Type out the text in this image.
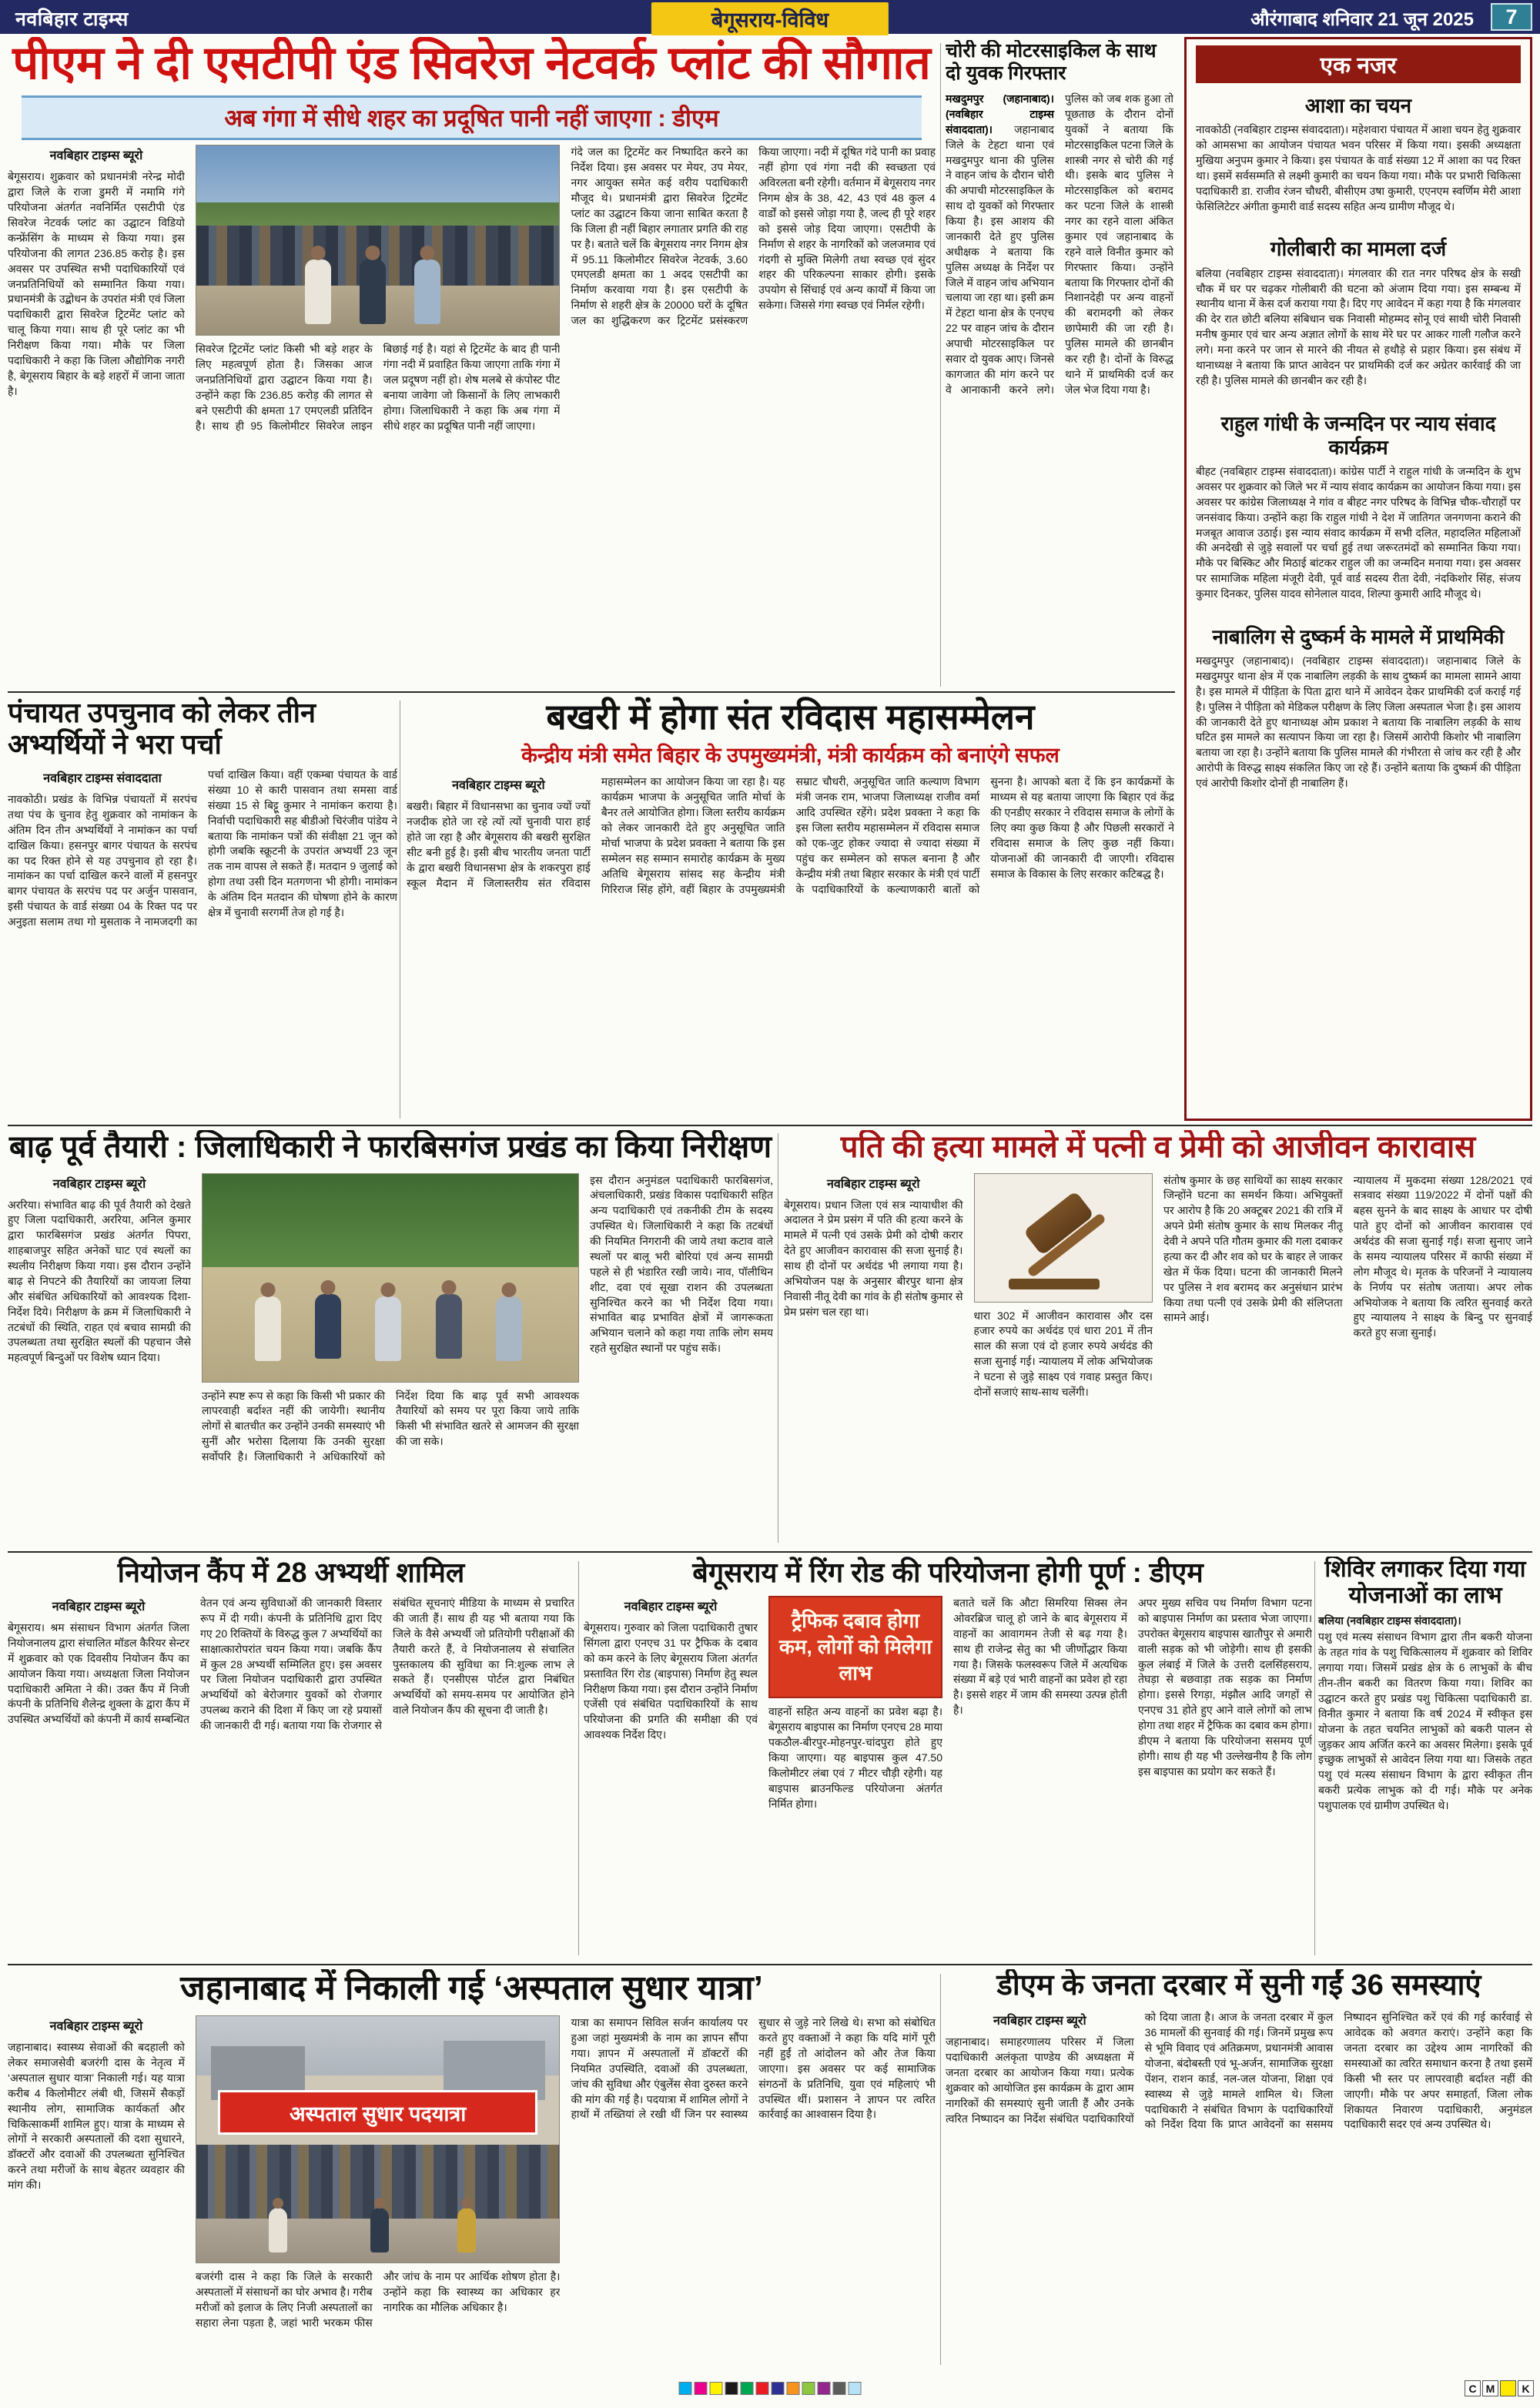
नवबिहार टाइम्स	बेगूसराय-विविध	औरंगाबाद शनिवार 21 जून 2025	7
पीएम ने दी एसटीपी एंड सिवरेज नेटवर्क प्लांट की सौगात
अब गंगा में सीधे शहर का प्रदूषित पानी नहीं जाएगा : डीएम
नवबिहार टाइम्स ब्यूरो

बेगूसराय। शुक्रवार को प्रधानमंत्री नरेन्द्र मोदी द्वारा जिले के राजा डुमरी में नमामि गंगे परियोजना अंतर्गत नवनिर्मित एसटीपी एंड सिवरेज नेटवर्क प्लांट का उद्घाटन विडियो कन्फ्रेंसिंग के माध्यम से किया गया। इस परियोजना की लागत 236.85 करोड़ है। इस अवसर पर उपस्थित सभी पदाधिकारियों एवं जनप्रतिनिधियों को सम्मानित किया गया। प्रधानमंत्री के उद्बोधन के उपरांत मंत्री एवं जिला पदाधिकारी द्वारा सिवरेज ट्रिटमेंट प्लांट को चालू किया गया। साथ ही पूरे प्लांट का भी निरीक्षण किया गया। मौके पर जिला पदाधिकारी ने कहा कि जिला औद्योगिक नगरी है, बेगूसराय बिहार के बड़े शहरों में जाना जाता है।

सिवरेज ट्रिटमेंट प्लांट किसी भी बड़े शहर के लिए महत्वपूर्ण होता है। जिसका आज जनप्रतिनिधियों द्वारा उद्घाटन किया गया है। उन्होंने कहा कि 236.85 करोड़ की लागत से बने एसटीपी की क्षमता 17 एमएलडी प्रतिदिन है। साथ ही 95 किलोमीटर सिवरेज लाइन बिछाई गई है। यहां से ट्रिटमेंट के बाद ही पानी गंगा नदी में प्रवाहित किया जाएगा ताकि गंगा में जल प्रदूषण नहीं हो। शेष मलबे से कंपोस्ट पीट बनाया जावेगा जो किसानों के लिए लाभकारी होगा। जिलाधिकारी ने कहा कि अब गंगा में सीधे शहर का प्रदूषित पानी नहीं जाएगा।

गंदे जल का ट्रिटमेंट कर निष्पादित करने का निर्देश दिया। इस अवसर पर मेयर, उप मेयर, नगर आयुक्त समेत कई वरीय पदाधिकारी मौजूद थे। प्रधानमंत्री द्वारा सिवरेज ट्रिटमेंट प्लांट का उद्घाटन किया जाना साबित करता है कि जिला ही नहीं बिहार लगातार प्रगति की राह पर है। बताते चलें कि बेगूसराय नगर निगम क्षेत्र में 95.11 किलोमीटर सिवरेज नेटवर्क, 3.60 एमएलडी क्षमता का 1 अदद एसटीपी का निर्माण करवाया गया है। इस एसटीपी के निर्माण से शहरी क्षेत्र के 20000 घरों के दूषित जल का शुद्धिकरण कर ट्रिटमेंट प्रसंस्करण किया जाएगा। नदी में दूषित गंदे पानी का प्रवाह नहीं होगा एवं गंगा नदी की स्वच्छता एवं अविरलता बनी रहेगी। वर्तमान में बेगूसराय नगर निगम क्षेत्र के 38, 42, 43 एवं 48 कुल 4 वार्डों को इससे जोड़ा गया है, जल्द ही पूरे शहर को इससे जोड़ दिया जाएगा। एसटीपी के निर्माण से शहर के नागरिकों को जलजमाव एवं गंदगी से मुक्ति मिलेगी तथा स्वच्छ एवं सुंदर शहर की परिकल्पना साकार होगी। इसके उपयोग से सिंचाई एवं अन्य कार्यों में किया जा सकेगा। जिससे गंगा स्वच्छ एवं निर्मल रहेगी।

चोरी की मोटरसाइकिल के साथ दो युवक गिरफ्तार
मखदुमपुर (जहानाबाद)। (नवबिहार टाइम्स संवाददाता)। जहानाबाद जिले के टेहटा थाना एवं मखदुमपुर थाना की पुलिस ने वाहन जांच के दौरान चोरी की अपाची मोटरसाइकिल के साथ दो युवकों को गिरफ्तार किया है। इस आशय की जानकारी देते हुए पुलिस अधीक्षक ने बताया कि पुलिस अध्यक्ष के निर्देश पर जिले में वाहन जांच अभियान चलाया जा रहा था। इसी क्रम में टेहटा थाना क्षेत्र के एनएच 22 पर वाहन जांच के दौरान अपाची मोटरसाइकिल पर सवार दो युवक आए। जिनसे कागजात की मांग करने पर वे आनाकानी करने लगे। पुलिस को जब शक हुआ तो पूछताछ के दौरान दोनों युवकों ने बताया कि मोटरसाइकिल पटना जिले के शास्त्री नगर से चोरी की गई थी। इसके बाद पुलिस ने मोटरसाइकिल को बरामद कर पटना जिले के शास्त्री नगर का रहने वाला अंकित कुमार एवं जहानाबाद के रहने वाले विनीत कुमार को गिरफ्तार किया। उन्होंने बताया कि गिरफ्तार दोनों की निशानदेही पर अन्य वाहनों की बरामदगी को लेकर छापेमारी की जा रही है। पुलिस मामले की छानबीन कर रही है। दोनों के विरुद्ध थाने में प्राथमिकी दर्ज कर जेल भेज दिया गया है।
एक नजर
आशा का चयन

नावकोठी (नवबिहार टाइम्स संवाददाता)। महेशवारा पंचायत में आशा चयन हेतु शुक्रवार को आमसभा का आयोजन पंचायत भवन परिसर में किया गया। इसकी अध्यक्षता मुखिया अनुपम कुमार ने किया। इस पंचायत के वार्ड संख्या 12 में आशा का पद रिक्त था। इसमें सर्वसम्मति से लक्ष्मी कुमारी का चयन किया गया। मौके पर प्रभारी चिकित्सा पदाधिकारी डा. राजीव रंजन चौधरी, बीसीएम उषा कुमारी, एएनएम स्वर्णिम मेरी आशा फेसिलिटेटर अंगीता कुमारी वार्ड सदस्य सहित अन्य ग्रामीण मौजूद थे।

गोलीबारी का मामला दर्ज

बलिया (नवबिहार टाइम्स संवाददाता)। मंगलवार की रात नगर परिषद क्षेत्र के सखी चौक में घर पर चढ़कर गोलीबारी की घटना को अंजाम दिया गया। इस सम्बन्ध में स्थानीय थाना में केस दर्ज कराया गया है। दिए गए आवेदन में कहा गया है कि मंगलवार की देर रात छोटी बलिया संबिधान चक निवासी मोहम्मद सोनू एवं साथी चोरी निवासी मनीष कुमार एवं चार अन्य अज्ञात लोगों के साथ मेरे घर पर आकर गाली गलौज करने लगे। मना करने पर जान से मारने की नीयत से हथौड़े से प्रहार किया। इस संबंध में थानाध्यक्ष ने बताया कि प्राप्त आवेदन पर प्राथमिकी दर्ज कर अग्रेतर कार्रवाई की जा रही है। पुलिस मामले की छानबीन कर रही है।

राहुल गांधी के जन्मदिन पर न्याय संवाद कार्यक्रम

बीहट (नवबिहार टाइम्स संवाददाता)। कांग्रेस पार्टी ने राहुल गांधी के जन्मदिन के शुभ अवसर पर शुक्रवार को जिले भर में न्याय संवाद कार्यक्रम का आयोजन किया गया। इस अवसर पर कांग्रेस जिलाध्यक्ष ने गांव व बीहट नगर परिषद के विभिन्न चौक-चौराहों पर जनसंवाद किया। उन्होंने कहा कि राहुल गांधी ने देश में जातिगत जनगणना कराने की मजबूत आवाज उठाई। इस न्याय संवाद कार्यक्रम में सभी दलित, महादलित महिलाओं की अनदेखी से जुड़े सवालों पर चर्चा हुई तथा जरूरतमंदों को सम्मानित किया गया। मौके पर बिस्किट और मिठाई बांटकर राहुल जी का जन्मदिन मनाया गया। इस अवसर पर सामाजिक महिला मंजूरी देवी, पूर्व वार्ड सदस्य रीता देवी, नंदकिशोर सिंह, संजय कुमार दिनकर, पुलिस यादव सोनेलाल यादव, शिल्पा कुमारी आदि मौजूद थे।

नाबालिग से दुष्कर्म के मामले में प्राथमिकी

मखदुमपुर (जहानाबाद)। (नवबिहार टाइम्स संवाददाता)। जहानाबाद जिले के मखदुमपुर थाना क्षेत्र में एक नाबालिग लड़की के साथ दुष्कर्म का मामला सामने आया है। इस मामले में पीड़िता के पिता द्वारा थाने में आवेदन देकर प्राथमिकी दर्ज कराई गई है। पुलिस ने पीड़िता को मेडिकल परीक्षण के लिए जिला अस्पताल भेजा है। इस आशय की जानकारी देते हुए थानाध्यक्ष ओम प्रकाश ने बताया कि नाबालिग लड़की के साथ घटित इस मामले का सत्यापन किया जा रहा है। जिसमें आरोपी किशोर भी नाबालिग बताया जा रहा है। उन्होंने बताया कि पुलिस मामले की गंभीरता से जांच कर रही है और आरोपी के विरुद्ध साक्ष्य संकलित किए जा रहे हैं। उन्होंने बताया कि दुष्कर्म की पीड़िता एवं आरोपी किशोर दोनों ही नाबालिग हैं।

पंचायत उपचुनाव को लेकर तीन अभ्यर्थियों ने भरा पर्चा
नवबिहार टाइम्स संवाददाता

नावकोठी। प्रखंड के विभिन्न पंचायतों में सरपंच तथा पंच के चुनाव हेतु शुक्रवार को नामांकन के अंतिम दिन तीन अभ्यर्थियों ने नामांकन का पर्चा दाखिल किया। हसनपुर बागर पंचायत के सरपंच का पद रिक्त होने से यह उपचुनाव हो रहा है। नामांकन का पर्चा दाखिल करने वालों में हसनपुर बागर पंचायत के सरपंच पद पर अर्जुन पासवान, इसी पंचायत के वार्ड संख्या 04 के रिक्त पद पर अनुइता सलाम तथा गो मुसताक ने नामजदगी का पर्चा दाखिल किया। वहीं एकम्बा पंचायत के वार्ड संख्या 10 से कारी पासवान तथा समसा वार्ड संख्या 15 से बिट्टू कुमार ने नामांकन कराया है। निर्वाची पदाधिकारी सह बीडीओ चिरंजीव पांडेय ने बताया कि नामांकन पत्रों की संवीक्षा 21 जून को होगी जबकि स्क्रूटनी के उपरांत अभ्यर्थी 23 जून तक नाम वापस ले सकते हैं। मतदान 9 जुलाई को होगा तथा उसी दिन मतगणना भी होगी। नामांकन के अंतिम दिन मतदान की घोषणा होने के कारण क्षेत्र में चुनावी सरगर्मी तेज हो गई है।

बखरी में होगा संत रविदास महासम्मेलन
केन्द्रीय मंत्री समेत बिहार के उपमुख्यमंत्री, मंत्री कार्यक्रम को बनाएंगे सफल
नवबिहार टाइम्स ब्यूरो

बखरी। बिहार में विधानसभा का चुनाव ज्यों ज्यों नजदीक होते जा रहे त्यों त्यों चुनावी पारा हाई होते जा रहा है और बेगूसराय की बखरी सुरक्षित सीट बनी हुई है। इसी बीच भारतीय जनता पार्टी के द्वारा बखरी विधानसभा क्षेत्र के शकरपुरा हाई स्कूल मैदान में जिलास्तरीय संत रविदास महासम्मेलन का आयोजन किया जा रहा है। यह कार्यक्रम भाजपा के अनुसूचित जाति मोर्चा के बैनर तले आयोजित होगा। जिला स्तरीय कार्यक्रम को लेकर जानकारी देते हुए अनुसूचित जाति मोर्चा भाजपा के प्रदेश प्रवक्ता ने बताया कि इस सम्मेलन सह सम्मान समारोह कार्यक्रम के मुख्य अतिथि बेगूसराय सांसद सह केन्द्रीय मंत्री गिरिराज सिंह होंगे, वहीं बिहार के उपमुख्यमंत्री सम्राट चौधरी, अनुसूचित जाति कल्याण विभाग मंत्री जनक राम, भाजपा जिलाध्यक्ष राजीव वर्मा आदि उपस्थित रहेंगे। प्रदेश प्रवक्ता ने कहा कि इस जिला स्तरीय महासम्मेलन में रविदास समाज को एक-जुट होकर ज्यादा से ज्यादा संख्या में पहुंच कर सम्मेलन को सफल बनाना है और केन्द्रीय मंत्री तथा बिहार सरकार के मंत्री एवं पार्टी के पदाधिकारियों के कल्याणकारी बातों को सुनना है। आपको बता दें कि इन कार्यक्रमों के माध्यम से यह बताया जाएगा कि बिहार एवं केंद्र की एनडीए सरकार ने रविदास समाज के लोगों के लिए क्या कुछ किया है और पिछली सरकारों ने रविदास समाज के लिए कुछ नहीं किया। योजनाओं की जानकारी दी जाएगी। रविदास समाज के विकास के लिए सरकार कटिबद्ध है।

बाढ़ पूर्व तैयारी : जिलाधिकारी ने फारबिसगंज प्रखंड का किया निरीक्षण
नवबिहार टाइम्स ब्यूरो

अररिया। संभावित बाढ़ की पूर्व तैयारी को देखते हुए जिला पदाधिकारी, अररिया, अनिल कुमार द्वारा फारबिसगंज प्रखंड अंतर्गत पिपरा, शाहबाजपुर सहित अनेकों घाट एवं स्थलों का स्थलीय निरीक्षण किया गया। इस दौरान उन्होंने बाढ़ से निपटने की तैयारियों का जायजा लिया और संबंधित अधिकारियों को आवश्यक दिशा-निर्देश दिये। निरीक्षण के क्रम में जिलाधिकारी ने तटबंधों की स्थिति, राहत एवं बचाव सामग्री की उपलब्धता तथा सुरक्षित स्थलों की पहचान जैसे महत्वपूर्ण बिन्दुओं पर विशेष ध्यान दिया।

उन्होंने स्पष्ट रूप से कहा कि किसी भी प्रकार की लापरवाही बर्दाश्त नहीं की जायेगी। स्थानीय लोगों से बातचीत कर उन्होंने उनकी समस्याएं भी सुनीं और भरोसा दिलाया कि उनकी सुरक्षा सर्वोपरि है। जिलाधिकारी ने अधिकारियों को निर्देश दिया कि बाढ़ पूर्व सभी आवश्यक तैयारियों को समय पर पूरा किया जाये ताकि किसी भी संभावित खतरे से आमजन की सुरक्षा की जा सके।

इस दौरान अनुमंडल पदाधिकारी फारबिसगंज, अंचलाधिकारी, प्रखंड विकास पदाधिकारी सहित अन्य पदाधिकारी एवं तकनीकी टीम के सदस्य उपस्थित थे। जिलाधिकारी ने कहा कि तटबंधों की नियमित निगरानी की जाये तथा कटाव वाले स्थलों पर बालू भरी बोरियां एवं अन्य सामग्री पहले से ही भंडारित रखी जाये। नाव, पॉलीथिन शीट, दवा एवं सूखा राशन की उपलब्धता सुनिश्चित करने का भी निर्देश दिया गया। संभावित बाढ़ प्रभावित क्षेत्रों में जागरूकता अभियान चलाने को कहा गया ताकि लोग समय रहते सुरक्षित स्थानों पर पहुंच सकें।

पति की हत्या मामले में पत्नी व प्रेमी को आजीवन कारावास
नवबिहार टाइम्स ब्यूरो

बेगूसराय। प्रधान जिला एवं सत्र न्यायाधीश की अदालत ने प्रेम प्रसंग में पति की हत्या करने के मामले में पत्नी एवं उसके प्रेमी को दोषी करार देते हुए आजीवन कारावास की सजा सुनाई है। साथ ही दोनों पर अर्थदंड भी लगाया गया है। अभियोजन पक्ष के अनुसार बीरपुर थाना क्षेत्र निवासी नीतू देवी का गांव के ही संतोष कुमार से प्रेम प्रसंग चल रहा था।	धारा 302 में आजीवन कारावास और दस हजार रुपये का अर्थदंड एवं धारा 201 में तीन साल की सजा एवं दो हजार रुपये अर्थदंड की सजा सुनाई गई। न्यायालय में लोक अभियोजक ने घटना से जुड़े साक्ष्य एवं गवाह प्रस्तुत किए। दोनों सजाएं साथ-साथ चलेंगी।

संतोष कुमार के छह साथियों का साक्ष्य सरकार जिन्होंने घटना का समर्थन किया। अभियुक्तों पर आरोप है कि 20 अक्टूबर 2021 की रात्रि में अपने प्रेमी संतोष कुमार के साथ मिलकर नीतू देवी ने अपने पति गौतम कुमार की गला दबाकर हत्या कर दी और शव को घर के बाहर ले जाकर खेत में फेंक दिया। घटना की जानकारी मिलने पर पुलिस ने शव बरामद कर अनुसंधान प्रारंभ किया तथा पत्नी एवं उसके प्रेमी की संलिप्तता सामने आई।

न्यायालय में मुकदमा संख्या 128/2021 एवं सत्रवाद संख्या 119/2022 में दोनों पक्षों की बहस सुनने के बाद साक्ष्य के आधार पर दोषी पाते हुए दोनों को आजीवन कारावास एवं अर्थदंड की सजा सुनाई गई। सजा सुनाए जाने के समय न्यायालय परिसर में काफी संख्या में लोग मौजूद थे। मृतक के परिजनों ने न्यायालय के निर्णय पर संतोष जताया। अपर लोक अभियोजक ने बताया कि त्वरित सुनवाई करते हुए न्यायालय ने साक्ष्य के बिन्दु पर सुनवाई करते हुए सजा सुनाई।

नियोजन कैंप में 28 अभ्यर्थी शामिल
नवबिहार टाइम्स ब्यूरो

बेगूसराय। श्रम संसाधन विभाग अंतर्गत जिला नियोजनालय द्वारा संचालित मॉडल कैरियर सेन्टर में शुक्रवार को एक दिवसीय नियोजन कैंप का आयोजन किया गया। अध्यक्षता जिला नियोजन पदाधिकारी अमिता ने की। उक्त कैंप में निजी कंपनी के प्रतिनिधि शैलेन्द्र शुक्ला के द्वारा कैंप में उपस्थित अभ्यर्थियों को कंपनी में कार्य सम्बन्धित वेतन एवं अन्य सुविधाओं की जानकारी विस्तार रूप में दी गयी। कंपनी के प्रतिनिधि द्वारा दिए गए 20 रिक्तियों के विरुद्ध कुल 7 अभ्यर्थियों का साक्षात्कारोपरांत चयन किया गया। जबकि कैंप में कुल 28 अभ्यर्थी सम्मिलित हुए। इस अवसर पर जिला नियोजन पदाधिकारी द्वारा उपस्थित अभ्यर्थियों को बेरोजगार युवकों को रोजगार उपलब्ध कराने की दिशा में किए जा रहे प्रयासों की जानकारी दी गई। बताया गया कि रोजगार से संबंधित सूचनाएं मीडिया के माध्यम से प्रचारित की जाती हैं। साथ ही यह भी बताया गया कि जिले के वैसे अभ्यर्थी जो प्रतियोगी परीक्षाओं की तैयारी करते हैं, वे नियोजनालय से संचालित पुस्तकालय की सुविधा का नि:शुल्क लाभ ले सकते हैं। एनसीएस पोर्टल द्वारा निबंधित अभ्यर्थियों को समय-समय पर आयोजित होने वाले नियोजन कैंप की सूचना दी जाती है।

बेगूसराय में रिंग रोड की परियोजना होगी पूर्ण : डीएम
नवबिहार टाइम्स ब्यूरो

बेगूसराय। गुरुवार को जिला पदाधिकारी तुषार सिंगला द्वारा एनएच 31 पर ट्रैफिक के दबाव को कम करने के लिए बेगूसराय जिला अंतर्गत प्रस्तावित रिंग रोड (बाइपास) निर्माण हेतु स्थल निरीक्षण किया गया। इस दौरान उन्होंने निर्माण एजेंसी एवं संबंधित पदाधिकारियों के साथ परियोजना की प्रगति की समीक्षा की एवं आवश्यक निर्देश दिए।

ट्रैफिक दबाव होगा कम, लोगों को मिलेगा लाभ

वाहनों सहित अन्य वाहनों का प्रवेश बढ़ा है। बेगूसराय बाइपास का निर्माण एनएच 28 माया पकठौल-बीरपुर-मोहनपुर-चांदपुरा होते हुए किया जाएगा। यह बाइपास कुल 47.50 किलोमीटर लंबा एवं 7 मीटर चौड़ी रहेगी। यह बाइपास ब्राउनफिल्ड परियोजना अंतर्गत निर्मित होगा।

बताते चलें कि औटा सिमरिया सिक्स लेन ओवरब्रिज चालू हो जाने के बाद बेगूसराय में वाहनों का आवागमन तेजी से बढ़ गया है। साथ ही राजेन्द्र सेतु का भी जीर्णोद्धार किया गया है। जिसके फलस्वरूप जिले में अत्यधिक संख्या में बड़े एवं भारी वाहनों का प्रवेश हो रहा है। इससे शहर में जाम की समस्या उत्पन्न होती है।

अपर मुख्य सचिव पथ निर्माण विभाग पटना को बाइपास निर्माण का प्रस्ताव भेजा जाएगा। उपरोक्त बेगूसराय बाइपास खातौपुर से अमारी वाली सड़क को भी जोड़ेगी। साथ ही इसकी कुल लंबाई में जिले के उत्तरी दलसिंहसराय, तेघड़ा से बछवाड़ा तक सड़क का निर्माण होगा। इससे रिगड़ा, मंझौल आदि जगहों से एनएच 31 होते हुए आने वाले लोगों को लाभ होगा तथा शहर में ट्रैफिक का दबाव कम होगा। डीएम ने बताया कि परियोजना ससमय पूर्ण होगी। साथ ही यह भी उल्लेखनीय है कि लोग इस बाइपास का प्रयोग कर सकते हैं।

शिविर लगाकर दिया गया योजनाओं का लाभ
बलिया (नवबिहार टाइम्स संवाददाता)।

पशु एवं मत्स्य संसाधन विभाग द्वारा तीन बकरी योजना के तहत गांव के पशु चिकित्सालय में शुक्रवार को शिविर लगाया गया। जिसमें प्रखंड क्षेत्र के 6 लाभुकों के बीच तीन-तीन बकरी का वितरण किया गया। शिविर का उद्घाटन करते हुए प्रखंड पशु चिकित्सा पदाधिकारी डा. विनीत कुमार ने बताया कि वर्ष 2024 में स्वीकृत इस योजना के तहत चयनित लाभुकों को बकरी पालन से जुड़कर आय अर्जित करने का अवसर मिलेगा। इसके पूर्व इच्छुक लाभुकों से आवेदन लिया गया था। जिसके तहत पशु एवं मत्स्य संसाधन विभाग के द्वारा स्वीकृत तीन बकरी प्रत्येक लाभुक को दी गई। मौके पर अनेक पशुपालक एवं ग्रामीण उपस्थित थे।

जहानाबाद में निकाली गई ‘अस्पताल सुधार यात्रा’
नवबिहार टाइम्स ब्यूरो

जहानाबाद। स्वास्थ्य सेवाओं की बदहाली को लेकर समाजसेवी बजरंगी दास के नेतृत्व में ‘अस्पताल सुधार यात्रा’ निकाली गई। यह यात्रा करीब 4 किलोमीटर लंबी थी, जिसमें सैकड़ों स्थानीय लोग, सामाजिक कार्यकर्ता और चिकित्साकर्मी शामिल हुए। यात्रा के माध्यम से लोगों ने सरकारी अस्पतालों की दशा सुधारने, डॉक्टरों और दवाओं की उपलब्धता सुनिश्चित करने तथा मरीजों के साथ बेहतर व्यवहार की मांग की।

अस्पताल सुधार पदयात्रा

बजरंगी दास ने कहा कि जिले के सरकारी अस्पतालों में संसाधनों का घोर अभाव है। गरीब मरीजों को इलाज के लिए निजी अस्पतालों का सहारा लेना पड़ता है, जहां भारी भरकम फीस और जांच के नाम पर आर्थिक शोषण होता है। उन्होंने कहा कि स्वास्थ्य का अधिकार हर नागरिक का मौलिक अधिकार है।

यात्रा का समापन सिविल सर्जन कार्यालय पर हुआ जहां मुख्यमंत्री के नाम का ज्ञापन सौंपा गया। ज्ञापन में अस्पतालों में डॉक्टरों की नियमित उपस्थिति, दवाओं की उपलब्धता, जांच की सुविधा और एंबुलेंस सेवा दुरुस्त करने की मांग की गई है। पदयात्रा में शामिल लोगों ने हाथों में तख्तियां ले रखी थीं जिन पर स्वास्थ्य सुधार से जुड़े नारे लिखे थे। सभा को संबोधित करते हुए वक्ताओं ने कहा कि यदि मांगें पूरी नहीं हुईं तो आंदोलन को और तेज किया जाएगा। इस अवसर पर कई सामाजिक संगठनों के प्रतिनिधि, युवा एवं महिलाएं भी उपस्थित थीं। प्रशासन ने ज्ञापन पर त्वरित कार्रवाई का आश्वासन दिया है।

डीएम के जनता दरबार में सुनी गईं 36 समस्याएं
नवबिहार टाइम्स ब्यूरो

जहानाबाद। समाहरणालय परिसर में जिला पदाधिकारी अलंकृता पाण्डेय की अध्यक्षता में जनता दरबार का आयोजन किया गया। प्रत्येक शुक्रवार को आयोजित इस कार्यक्रम के द्वारा आम नागरिकों की समस्याएं सुनी जाती हैं और उनके त्वरित निष्पादन का निर्देश संबंधित पदाधिकारियों को दिया जाता है। आज के जनता दरबार में कुल 36 मामलों की सुनवाई की गई। जिनमें प्रमुख रूप से भूमि विवाद एवं अतिक्रमण, प्रधानमंत्री आवास योजना, बंदोबस्ती एवं भू-अर्जन, सामाजिक सुरक्षा पेंशन, राशन कार्ड, नल-जल योजना, शिक्षा एवं स्वास्थ्य से जुड़े मामले शामिल थे। जिला पदाधिकारी ने संबंधित विभाग के पदाधिकारियों को निर्देश दिया कि प्राप्त आवेदनों का ससमय निष्पादन सुनिश्चित करें एवं की गई कार्रवाई से आवेदक को अवगत कराएं। उन्होंने कहा कि जनता दरबार का उद्देश्य आम नागरिकों की समस्याओं का त्वरित समाधान करना है तथा इसमें किसी भी स्तर पर लापरवाही बर्दाश्त नहीं की जाएगी। मौके पर अपर समाहर्ता, जिला लोक शिकायत निवारण पदाधिकारी, अनुमंडल पदाधिकारी सदर एवं अन्य उपस्थित थे।

C M	K
